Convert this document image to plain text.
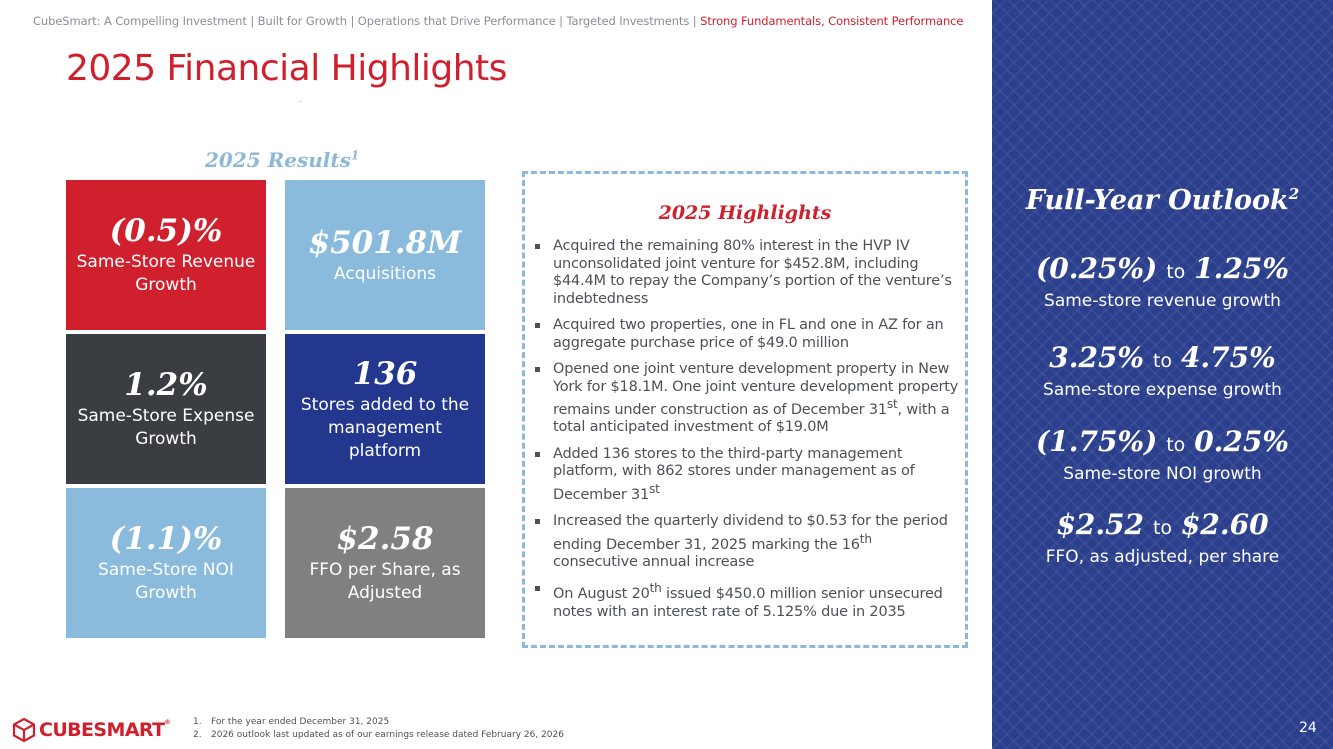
CubeSmart: A Compelling Investment | Built for Growth | Operations that Drive Performance | Targeted Investments | Strong Fundamentals, Consistent Performance
2025 Financial Highlights
2025 Results$^1$
(0.5)%
Same-Store Revenue Growth
$501.8M
Acquisitions
1.2%
Same-Store Expense Growth
136
Stores added to the management platform
(1.1)%
Same-Store NOI Growth
$2.58
FFO per Share, as Adjusted
2025 Highlights
Acquired the remaining 80% interest in the HVP IV unconsolidated joint venture for $452.8M, including $44.4M to repay the Company’s portion of the venture’s indebtedness
Acquired two properties, one in FL and one in AZ for an aggregate purchase price of $49.0 million
Opened one joint venture development property in New York for $18.1M. One joint venture development property remains under construction as of December 31st, with a total anticipated investment of $19.0M
Added 136 stores to the third-party management platform, with 862 stores under management as of December 31st
Increased the quarterly dividend to $0.53 for the period ending December 31, 2025 marking the 16th consecutive annual increase
On August 20th issued $450.0 million senior unsecured notes with an interest rate of 5.125% due in 2035
Full-Year Outlook$^2$
(0.25%) to 1.25%
Same-store revenue growth
3.25% to 4.75%
Same-store expense growth
(1.75%) to 0.25%
Same-store NOI growth
$2.52 to $2.60
FFO, as adjusted, per share
24
CUBESMART®	1.	For the year ended December 31, 2025
2.	2026 outlook last updated as of our earnings release dated February 26, 2026
